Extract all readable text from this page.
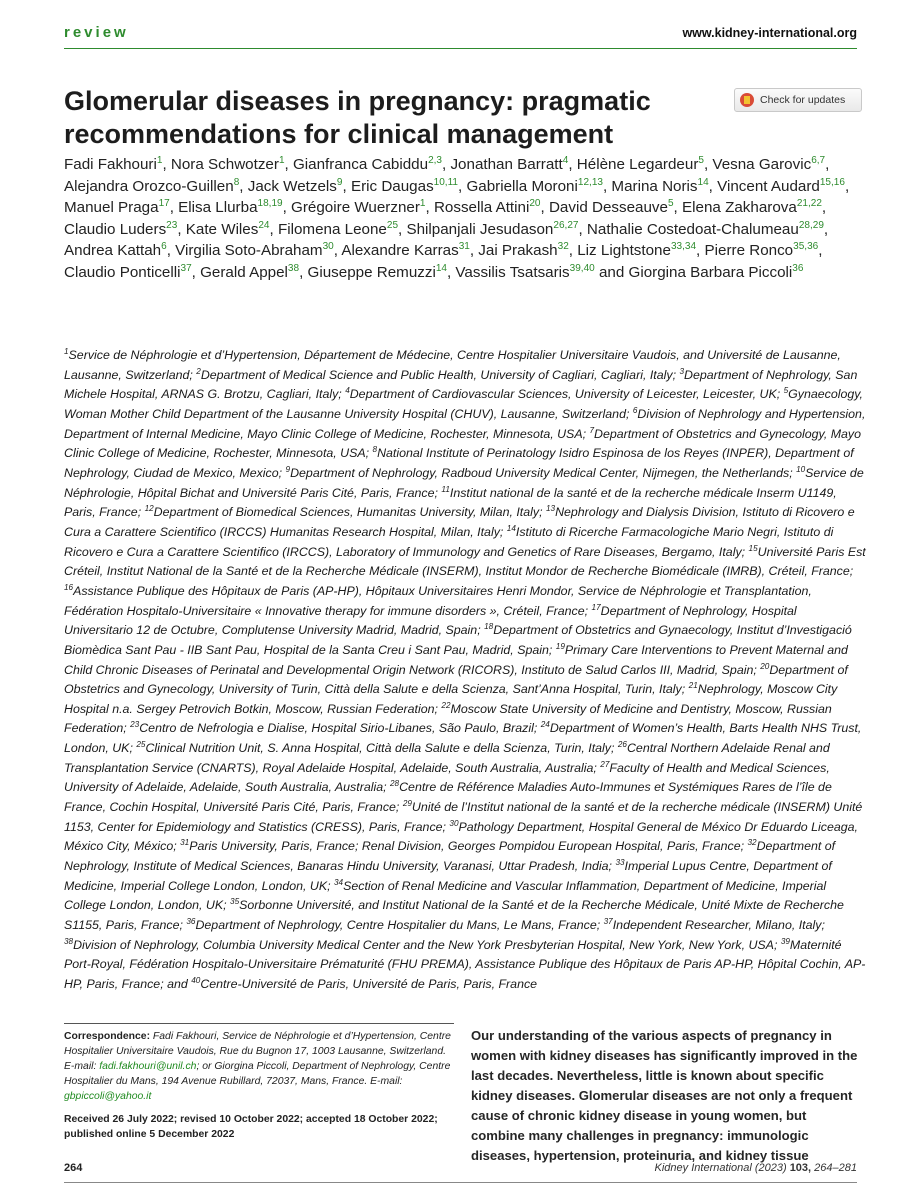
review	www.kidney-international.org
Glomerular diseases in pregnancy: pragmatic recommendations for clinical management
Check for updates

Fadi Fakhouri$^1$, Nora Schwotzer$^1$, Gianfranca Cabiddu$^{2,3}$, Jonathan Barratt$^4$, Hélène Legardeur$^5$, Vesna Garovic$^{6,7}$, Alejandra Orozco-Guillen$^8$, Jack Wetzels$^9$, Eric Daugas$^{10,11}$, Gabriella Moroni$^{12,13}$, Marina Noris$^{14}$, Vincent Audard$^{15,16}$, Manuel Praga$^{17}$, Elisa Llurba$^{18,19}$, Grégoire Wuerzner$^1$, Rossella Attini$^{20}$, David Desseauve$^5$, Elena Zakharova$^{21,22}$, Claudio Luders$^{23}$, Kate Wiles$^{24}$, Filomena Leone$^{25}$, Shilpanjali Jesudason$^{26,27}$, Nathalie Costedoat-Chalumeau$^{28,29}$, Andrea Kattah$^6$, Virgilia Soto-Abraham$^{30}$, Alexandre Karras$^{31}$, Jai Prakash$^{32}$, Liz Lightstone$^{33,34}$, Pierre Ronco$^{35,36}$, Claudio Ponticelli$^{37}$, Gerald Appel$^{38}$, Giuseppe Remuzzi$^{14}$, Vassilis Tsatsaris$^{39,40}$ and Giorgina Barbara Piccoli$^{36}$

$^1$Service de Néphrologie et d’Hypertension, Département de Médecine, Centre Hospitalier Universitaire Vaudois, and Université de Lausanne, Lausanne, Switzerland; $^2$Department of Medical Science and Public Health, University of Cagliari, Cagliari, Italy; $^3$Department of Nephrology, San Michele Hospital, ARNAS G. Brotzu, Cagliari, Italy; $^4$Department of Cardiovascular Sciences, University of Leicester, Leicester, UK; $^5$Gynaecology, Woman Mother Child Department of the Lausanne University Hospital (CHUV), Lausanne, Switzerland; $^6$Division of Nephrology and Hypertension, Department of Internal Medicine, Mayo Clinic College of Medicine, Rochester, Minnesota, USA; $^7$Department of Obstetrics and Gynecology, Mayo Clinic College of Medicine, Rochester, Minnesota, USA; $^8$National Institute of Perinatology Isidro Espinosa de los Reyes (INPER), Department of Nephrology, Ciudad de Mexico, Mexico; $^9$Department of Nephrology, Radboud University Medical Center, Nijmegen, the Netherlands; $^{10}$Service de Néphrologie, Hôpital Bichat and Université Paris Cité, Paris, France; $^{11}$Institut national de la santé et de la recherche médicale Inserm U1149, Paris, France; $^{12}$Department of Biomedical Sciences, Humanitas University, Milan, Italy; $^{13}$Nephrology and Dialysis Division, Istituto di Ricovero e Cura a Carattere Scientifico (IRCCS) Humanitas Research Hospital, Milan, Italy; $^{14}$Istituto di Ricerche Farmacologiche Mario Negri, Istituto di Ricovero e Cura a Carattere Scientifico (IRCCS), Laboratory of Immunology and Genetics of Rare Diseases, Bergamo, Italy; $^{15}$Université Paris Est Créteil, Institut National de la Santé et de la Recherche Médicale (INSERM), Institut Mondor de Recherche Biomédicale (IMRB), Créteil, France; $^{16}$Assistance Publique des Hôpitaux de Paris (AP-HP), Hôpitaux Universitaires Henri Mondor, Service de Néphrologie et Transplantation, Fédération Hospitalo-Universitaire « Innovative therapy for immune disorders », Créteil, France; $^{17}$Department of Nephrology, Hospital Universitario 12 de Octubre, Complutense University Madrid, Madrid, Spain; $^{18}$Department of Obstetrics and Gynaecology, Institut d’Investigació Biomèdica Sant Pau - IIB Sant Pau, Hospital de la Santa Creu i Sant Pau, Madrid, Spain; $^{19}$Primary Care Interventions to Prevent Maternal and Child Chronic Diseases of Perinatal and Developmental Origin Network (RICORS), Instituto de Salud Carlos III, Madrid, Spain; $^{20}$Department of Obstetrics and Gynecology, University of Turin, Città della Salute e della Scienza, Sant’Anna Hospital, Turin, Italy; $^{21}$Nephrology, Moscow City Hospital n.a. Sergey Petrovich Botkin, Moscow, Russian Federation; $^{22}$Moscow State University of Medicine and Dentistry, Moscow, Russian Federation; $^{23}$Centro de Nefrologia e Dialise, Hospital Sirio-Libanes, São Paulo, Brazil; $^{24}$Department of Women’s Health, Barts Health NHS Trust, London, UK; $^{25}$Clinical Nutrition Unit, S. Anna Hospital, Città della Salute e della Scienza, Turin, Italy; $^{26}$Central Northern Adelaide Renal and Transplantation Service (CNARTS), Royal Adelaide Hospital, Adelaide, South Australia, Australia; $^{27}$Faculty of Health and Medical Sciences, University of Adelaide, Adelaide, South Australia, Australia; $^{28}$Centre de Référence Maladies Auto-Immunes et Systémiques Rares de l’île de France, Cochin Hospital, Université Paris Cité, Paris, France; $^{29}$Unité de l’Institut national de la santé et de la recherche médicale (INSERM) Unité 1153, Center for Epidemiology and Statistics (CRESS), Paris, France; $^{30}$Pathology Department, Hospital General de México Dr Eduardo Liceaga, México City, México; $^{31}$Paris University, Paris, France; Renal Division, Georges Pompidou European Hospital, Paris, France; $^{32}$Department of Nephrology, Institute of Medical Sciences, Banaras Hindu University, Varanasi, Uttar Pradesh, India; $^{33}$Imperial Lupus Centre, Department of Medicine, Imperial College London, London, UK; $^{34}$Section of Renal Medicine and Vascular Inflammation, Department of Medicine, Imperial College London, London, UK; $^{35}$Sorbonne Université, and Institut National de la Santé et de la Recherche Médicale, Unité Mixte de Recherche S1155, Paris, France; $^{36}$Department of Nephrology, Centre Hospitalier du Mans, Le Mans, France; $^{37}$Independent Researcher, Milano, Italy; $^{38}$Division of Nephrology, Columbia University Medical Center and the New York Presbyterian Hospital, New York, New York, USA; $^{39}$Maternité Port-Royal, Fédération Hospitalo-Universitaire Prématurité (FHU PREMA), Assistance Publique des Hôpitaux de Paris AP-HP, Hôpital Cochin, AP-HP, Paris, France; and $^{40}$Centre-Université de Paris, Université de Paris, Paris, France

Correspondence: Fadi Fakhouri, Service de Néphrologie et d’Hypertension, Centre Hospitalier Universitaire Vaudois, Rue du Bugnon 17, 1003 Lausanne, Switzerland. E-mail: fadi.fakhouri@unil.ch; or Giorgina Piccoli, Department of Nephrology, Centre Hospitalier du Mans, 194 Avenue Rubillard, 72037, Mans, France. E-mail: gbpiccoli@yahoo.it

Received 26 July 2022; revised 10 October 2022; accepted 18 October 2022; published online 5 December 2022

Our understanding of the various aspects of pregnancy in women with kidney diseases has significantly improved in the last decades. Nevertheless, little is known about specific kidney diseases. Glomerular diseases are not only a frequent cause of chronic kidney disease in young women, but combine many challenges in pregnancy: immunologic diseases, hypertension, proteinuria, and kidney tissue

264	Kidney International (2023) 103, 264–281
